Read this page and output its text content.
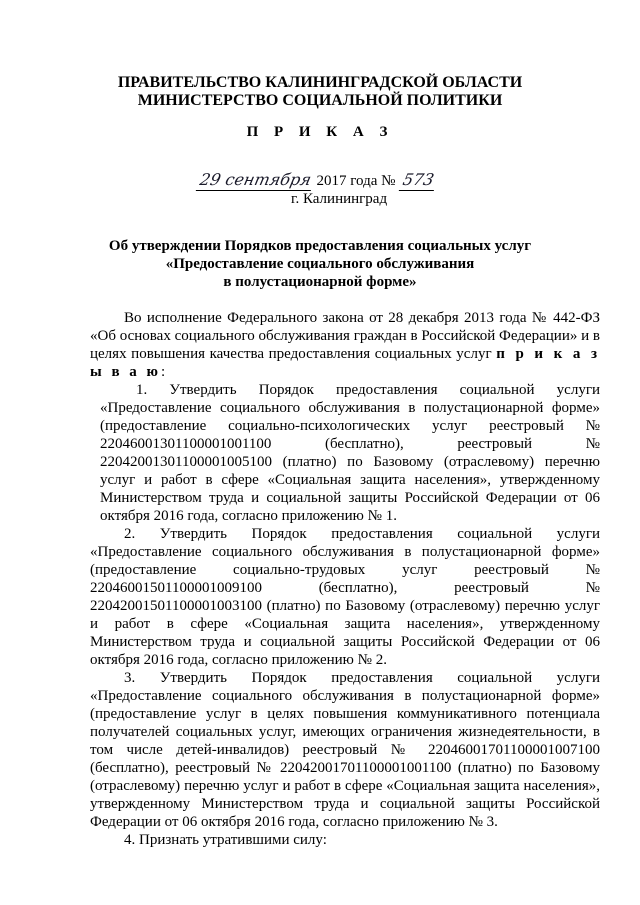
ПРАВИТЕЛЬСТВО КАЛИНИНГРАДСКОЙ ОБЛАСТИ
МИНИСТЕРСТВО СОЦИАЛЬНОЙ ПОЛИТИКИ
П Р И К А З
29 сентября 2017 года № 573
г. Калининград
Об утверждении Порядков предоставления социальных услуг
«Предоставление социального обслуживания
в полустационарной форме»

Во исполнение Федерального закона от 28 декабря 2013 года № 442-ФЗ «Об основах социального обслуживания граждан в Российской Федерации» и в целях повышения качества предоставления социальных услуг п р и к а з ы в а ю:

1. Утвердить Порядок предоставления социальной услуги «Предоставление социального обслуживания в полустационарной форме» (предоставление социально-психологических услуг реестровый № 22046001301100001001100 (бесплатно), реестровый № 22042001301100001005100 (платно) по Базовому (отраслевому) перечню услуг и работ в сфере «Социальная защита населения», утвержденному Министерством труда и социальной защиты Российской Федерации от 06 октября 2016 года, согласно приложению № 1.

2. Утвердить Порядок предоставления социальной услуги «Предоставление социального обслуживания в полустационарной форме» (предоставление социально-трудовых услуг реестровый № 22046001501100001009100 (бесплатно), реестровый № 22042001501100001003100 (платно) по Базовому (отраслевому) перечню услуг и работ в сфере «Социальная защита населения», утвержденному Министерством труда и социальной защиты Российской Федерации от 06 октября 2016 года, согласно приложению № 2.

3. Утвердить Порядок предоставления социальной услуги «Предоставление социального обслуживания в полустационарной форме» (предоставление услуг в целях повышения коммуникативного потенциала получателей социальных услуг, имеющих ограничения жизнедеятельности, в том числе детей-инвалидов) реестровый № 22046001701100001007100 (бесплатно), реестровый № 22042001701100001001100 (платно) по Базовому (отраслевому) перечню услуг и работ в сфере «Социальная защита населения», утвержденному Министерством труда и социальной защиты Российской Федерации от 06 октября 2016 года, согласно приложению № 3.

4. Признать утратившими силу:
